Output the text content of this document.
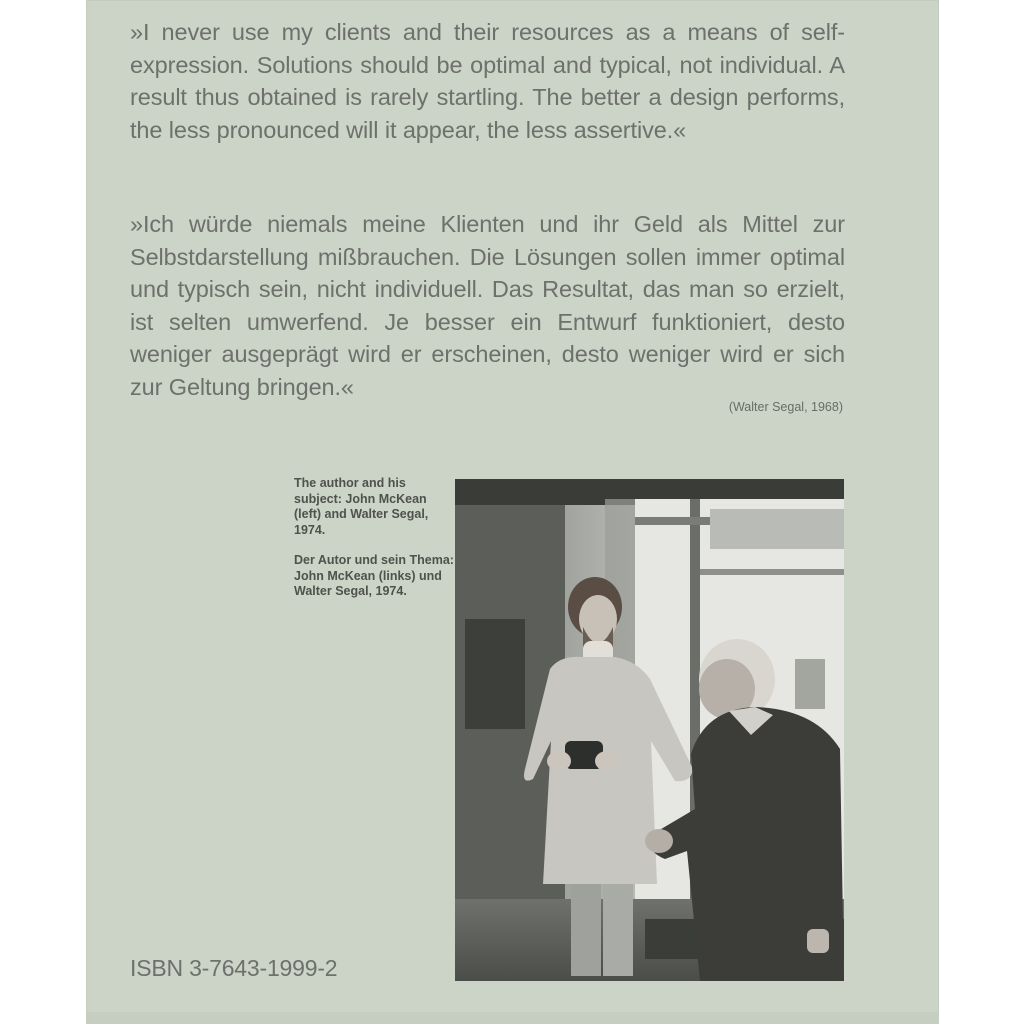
»I never use my clients and their resources as a means of self-expression. Solutions should be optimal and typical, not individual. A result thus obtained is rarely startling. The better a design performs, the less pronounced will it appear, the less assertive.«

»Ich würde niemals meine Klienten und ihr Geld als Mittel zur Selbstdarstellung mißbrauchen. Die Lösungen sollen immer optimal und typisch sein, nicht individuell. Das Resultat, das man so erzielt, ist selten umwerfend. Je besser ein Entwurf funktioniert, desto weniger ausgeprägt wird er erscheinen, desto weniger wird er sich zur Geltung bringen.«

(Walter Segal, 1968)
The author and his subject: John McKean (left) and Walter Segal, 1974.
Der Autor und sein Thema: John McKean (links) und Walter Segal, 1974.
ISBN 3-7643-1999-2
